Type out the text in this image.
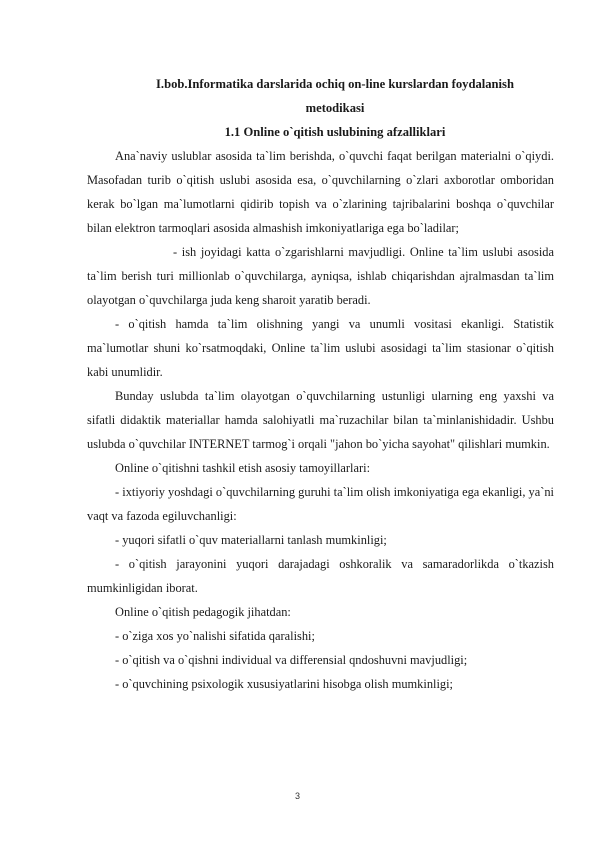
I.bob.Informatika darslarida ochiq on-line kurslardan foydalanish
metodikasi
1.1 Online o`qitish uslubining afzalliklari

Ana`naviy uslublar asosida ta`lim berishda, o`quvchi faqat berilgan materialni o`qiydi. Masofadan turib o`qitish uslubi asosida esa, o`quvchilarning o`zlari axborotlar omboridan kerak bo`lgan ma`lumotlarni qidirib topish va o`zlarining tajribalarini boshqa o`quvchilar bilan elektron tarmoqlari asosida almashish imkoniyatlariga ega bo`ladilar;

- ish joyidagi katta o`zgarishlarni mavjudligi. Online ta`lim uslubi asosida ta`lim berish turi millionlab o`quvchilarga, ayniqsa, ishlab chiqarishdan ajralmasdan ta`lim olayotgan o`quvchilarga juda keng sharoit yaratib beradi.

- o`qitish hamda ta`lim olishning yangi va unumli vositasi ekanligi. Statistik ma`lumotlar shuni ko`rsatmoqdaki, Online ta`lim uslubi asosidagi ta`lim stasionar o`qitish kabi unumlidir.

Bunday uslubda ta`lim olayotgan o`quvchilarning ustunligi ularning eng yaxshi va sifatli didaktik materiallar hamda salohiyatli ma`ruzachilar bilan ta`minlanishidadir. Ushbu uslubda o`quvchilar INTERNET tarmog`i orqali "jahon bo`yicha sayohat" qilishlari mumkin.

Online o`qitishni tashkil etish asosiy tamoyillarlari:

- ixtiyoriy yoshdagi o`quvchilarning guruhi ta`lim olish imkoniyatiga ega ekanligi, ya`ni vaqt va fazoda egiluvchanligi:

- yuqori sifatli o`quv materiallarni tanlash mumkinligi;

- o`qitish jarayonini yuqori darajadagi oshkoralik va samaradorlikda o`tkazish mumkinligidan iborat.

Online o`qitish pedagogik jihatdan:

- o`ziga xos yo`nalishi sifatida qaralishi;

- o`qitish va o`qishni individual va differensial qndoshuvni mavjudligi;

- o`quvchining psixologik xususiyatlarini hisobga olish mumkinligi;

3
